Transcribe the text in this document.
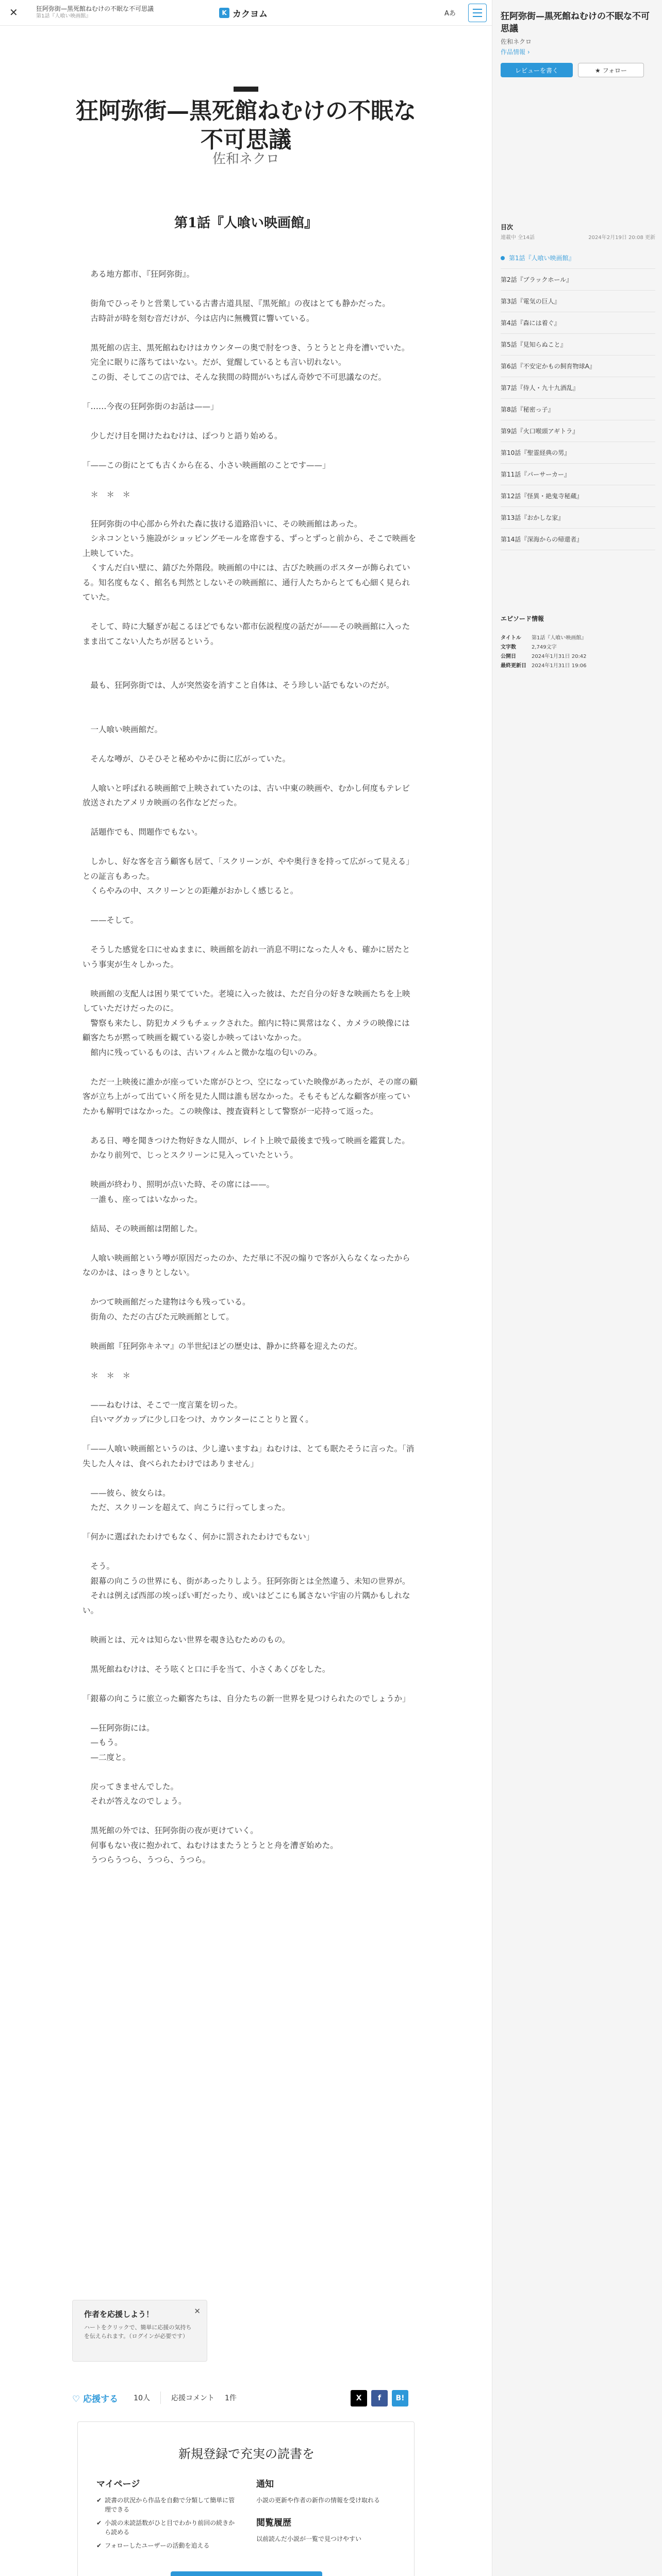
✕	狂阿弥街—黒死館ねむけの不眠な不可思議
第1話『人喰い映画館』	K カクヨム	Aあ
狂阿弥街—黒死館ねむけの不眠な不可思議
佐和ネクロ
第1話『人喰い映画館』

　ある地方都市、『狂阿弥街』。

　街角でひっそりと営業している古書古道具屋、『黒死館』の夜はとても静かだった。

　古時計が時を刻む音だけが、今は店内に無機質に響いている。

　黒死館の店主、黒死館ねむけはカウンターの奥で肘をつき、うとうとと舟を漕いでいた。

　完全に眠りに落ちてはいない。だが、覚醒しているとも言い切れない。

　この街、そしてこの店では、そんな狭間の時間がいちばん奇妙で不可思議なのだ。

「……今夜の狂阿弥街のお話は——」

　少しだけ目を開けたねむけは、ぽつりと語り始める。

「——この街にとても古くから在る、小さい映画館のことです——」

　＊　＊　＊

　狂阿弥街の中心部から外れた森に抜ける道路沿いに、その映画館はあった。

　シネコンという施設がショッピングモールを席巻する、ずっとずっと前から、そこで映画を上映していた。

　くすんだ白い壁に、錆びた外階段。映画館の中には、古びた映画のポスターが飾られている。知名度もなく、館名も判然としないその映画館に、通行人たちからとても心細く見られていた。

　そして、時に大騒ぎが起こるほどでもない都市伝説程度の話だが——その映画館に入ったまま出てこない人たちが居るという。

　最も、狂阿弥街では、人が突然姿を消すこと自体は、そう珍しい話でもないのだが。

　一人喰い映画館だ。

　そんな噂が、ひそひそと秘めやかに街に広がっていた。

　人喰いと呼ばれる映画館で上映されていたのは、古い中東の映画や、むかし何度もテレビ放送されたアメリカ映画の名作などだった。

　話題作でも、問題作でもない。

　しかし、好な客を言う顧客も居て、「スクリーンが、やや奥行きを持って広がって見える」との証言もあった。

　くらやみの中、スクリーンとの距離がおかしく感じると。

　——そして。

　そうした感覚を口にせぬままに、映画館を訪れ一消息不明になった人々も、確かに居たという事実が生々しかった。

　映画館の支配人は困り果てていた。老境に入った彼は、ただ自分の好きな映画たちを上映していただけだったのに。

　警察も来たし、防犯カメラもチェックされた。館内に特に異常はなく、カメラの映像には顧客たちが黙って映画を観ている姿しか映ってはいなかった。

　館内に残っているものは、古いフィルムと微かな塩の匂いのみ。

　ただ一上映後に誰かが座っていた席がひとつ、空になっていた映像があったが、その席の顧客が立ち上がって出ていく所を見た人間は誰も居なかった。そもそもどんな顧客が座っていたかも解明ではなかった。この映像は、捜査資料として警察が一応持って返った。

　ある日、噂を聞きつけた物好きな人間が、レイト上映で最後まで残って映画を鑑賞した。

　かなり前列で、じっとスクリーンに見入っていたという。

　映画が終わり、照明が点いた時、その席には——。

　一誰も、座ってはいなかった。

　結局、その映画館は閉館した。

　人喰い映画館という噂が原因だったのか、ただ単に不況の煽りで客が入らなくなったからなのかは、はっきりとしない。

　かつて映画館だった建物は今も残っている。

　街角の、ただの古びた元映画館として。

　映画館『狂阿弥キネマ』の半世紀ほどの歴史は、静かに終幕を迎えたのだ。

　＊　＊　＊

　——ねむけは、そこで一度言葉を切った。

　白いマグカップに少し口をつけ、カウンターにことりと置く。

「——人喰い映画館というのは、少し違いますね」ねむけは、とても眠たそうに言った。「消失した人々は、食べられたわけではありません」

　——彼ら、彼女らは。

　ただ、スクリーンを超えて、向こうに行ってしまった。

「何かに選ばれたわけでもなく、何かに罰されたわけでもない」

　そう。

　銀幕の向こうの世界にも、街があったりしよう。狂阿弥街とは全然違う、未知の世界が。

　それは例えば西部の埃っぽい町だったり、或いはどこにも属さない宇宙の片隅かもしれない。

　映画とは、元々は知らない世界を覗き込むためのもの。

　黒死館ねむけは、そう呟くと口に手を当て、小さくあくびをした。

「銀幕の向こうに旅立った顧客たちは、自分たちの新一世界を見つけられたのでしょうか」

　—狂阿弥街には。

　—もう。

　—二度と。

　戻ってきませんでした。

　それが答えなのでしょう。

　黒死館の外では、狂阿弥街の夜が更けていく。

　何事もない夜に抱かれて、ねむけはまたうとうとと舟を漕ぎ始めた。

　うつらうつら、うつら、うつら。

作者を応援しよう！	✕
ハートをクリックで、簡単に応援の気持ちを伝えられます。（ログインが必要です）
♡ 応援する 10人	応援コメント 1件	X	f	B!
新規登録で充実の読書を
マイページ
✔ 読書の状況から作品を自動で分類して簡単に管理できる
✔ 小説の未読話数がひと目でわかり前回の続きから読める
✔ フォローしたユーザーの活動を追える
通知
小説の更新や作者の新作の情報を受け取れる
閲覧履歴
以前読んだ小説が一覧で見つけやすい
狂阿弥街—黒死館ねむけの不眠な不可思議
佐和ネクロ
作品情報 ›
レビューを書く	★ フォロー
目次
連載中 全14話	2024年2月19日 20:08 更新
第1話『人喰い映画館』
第2話『ブラックホール』
第3話『電気の巨人』
第4話『森には着ぐ』
第5話『見知らぬこと』
第6話『不安定かもの飼育物球A』
第7話『侍人・九十九酒乱』
第8話『秘密っ子』
第9話『火口喉頭アギトラ』
第10話『聖霊経典の男』
第11話『パーサーカー』
第12話『怪異・絶鬼寺秘蔵』
第13話『おかしな家』
第14話『深海からの帰還者』
エピソード情報
タイトル	第1話『人喰い映画館』
文字数	2,749文字
公開日	2024年1月31日 20:42
最終更新日	2024年1月31日 19:06
